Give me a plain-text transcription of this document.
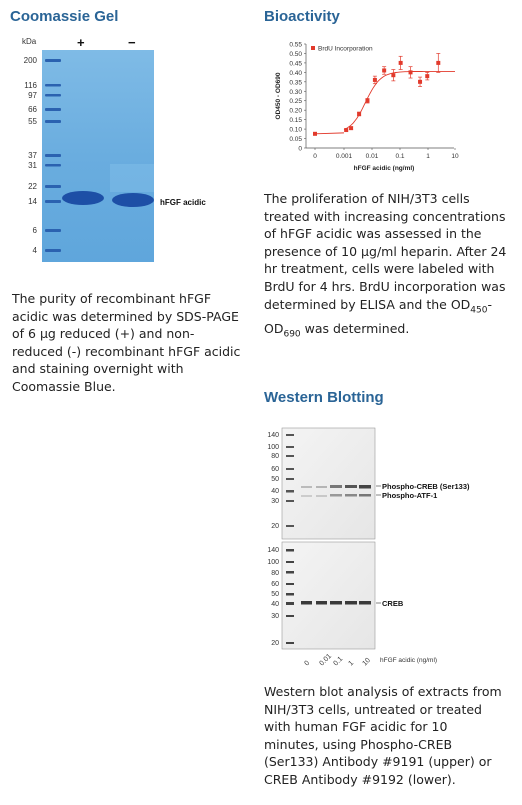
Coomassie Gel
kDa	+	−
200
116
97
66
55
37
31
22
14
6
4
hFGF acidic
The purity of recombinant hFGF acidic was determined by SDS-PAGE of 6 µg reduced (+) and non-reduced (-) recombinant hFGF acidic and staining overnight with Coomassie Blue.
Bioactivity
0
0.05
0.10
0.15
0.20
0.25
0.30
0.35
0.40
0.45
0.50
0.55
0	0.001 0.01	0.1	1	10
hFGF acidic (ng/ml)
OD450 - OD690
BrdU Incorporation
The proliferation of NIH/3T3 cells treated with increasing concentrations of hFGF acidic was assessed in the presence of 10 µg/ml heparin. After 24 hr treatment, cells were labeled with BrdU for 4 hrs. BrdU incorporation was determined by ELISA and the $OD_{450}-OD_{690}$ was determined.
Western Blotting
140
100
80
60
50
40
30
20
Phospho-CREB (Ser133)
Phospho-ATF-1
140
100
80
60
50
40
30
20
CREB
0 0.01 0.1 1 10 hFGF acidic (ng/ml)
Western blot analysis of extracts from NIH/3T3 cells, untreated or treated with human FGF acidic for 10 minutes, using Phospho-CREB (Ser133) Antibody #9191 (upper) or CREB Antibody #9192 (lower).
